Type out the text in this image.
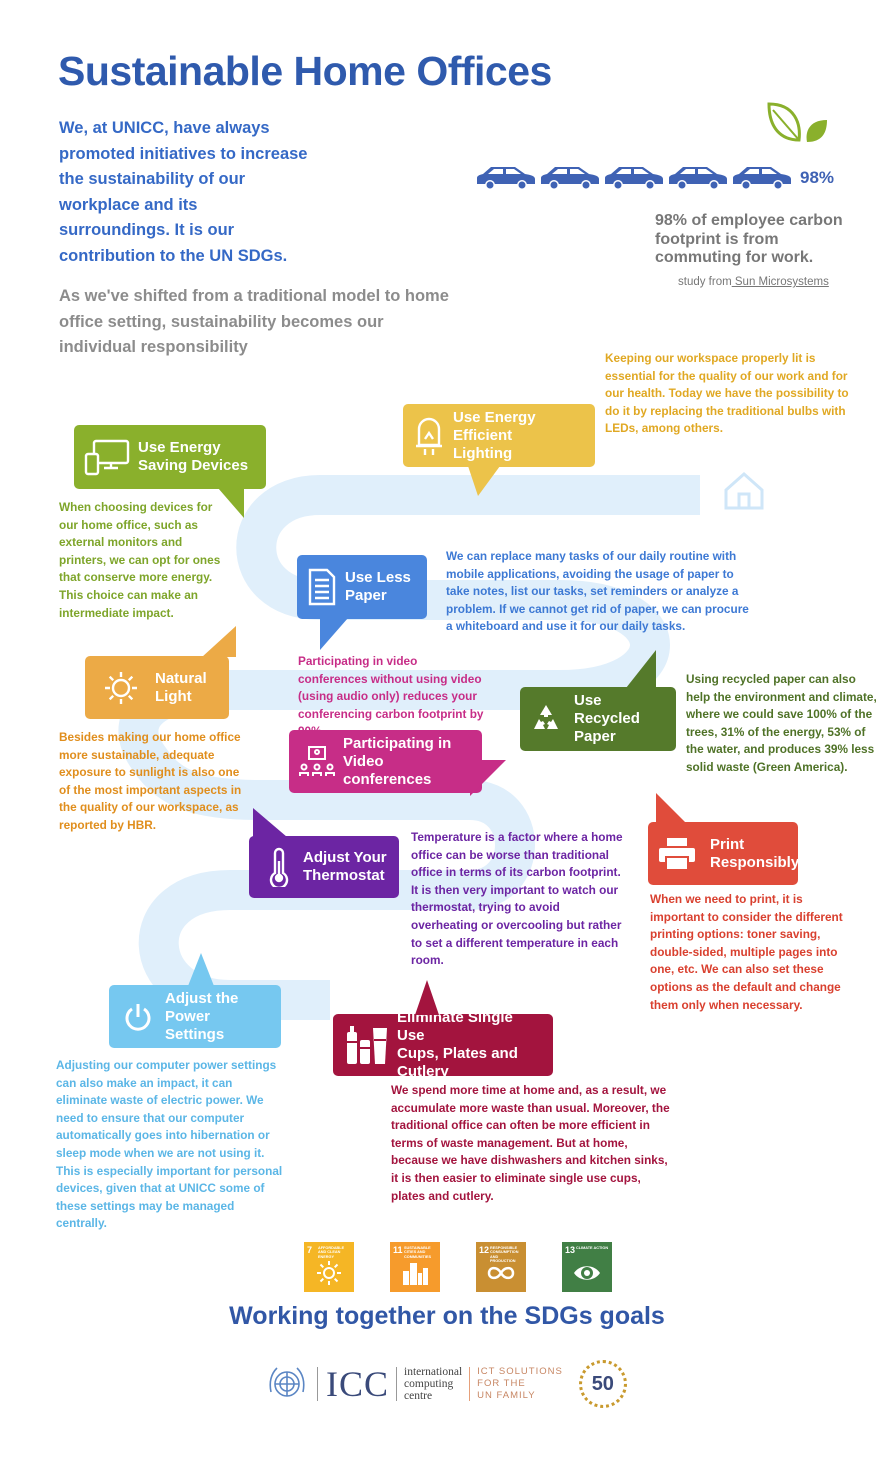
Sustainable Home Offices
We, at UNICC, have always promoted initiatives to increase the sustainability of our workplace and its surroundings. It is our contribution to the UN SDGs.
As we've shifted from a traditional model to home office setting, sustainability becomes our individual responsibility
98%
98% of employee carbon footprint is from commuting for work.
study from Sun Microsystems
Use Energy
Saving Devices
When choosing devices for our home office, such as external monitors and printers, we can opt for ones that conserve more energy. This choice can make an intermediate impact.
Use Energy Efficient
Lighting
Keeping our workspace properly lit is essential for the quality of our work and for our health. Today we have the possibility to do it by replacing the traditional bulbs with LEDs, among others.
Use Less
Paper
We can replace many tasks of our daily routine with mobile applications, avoiding the usage of paper to take notes, list our tasks, set reminders or analyze a problem. If we cannot get rid of paper, we can procure a whiteboard and use it for our daily tasks.
Natural
Light
Besides making our home office more sustainable, adequate exposure to sunlight is also one of the most important aspects in the quality of our workspace, as reported by HBR.
Participating in video conferences without using video (using audio only) reduces your conferencing carbon footprint by
Use Recycled
Paper
Using recycled paper can also help the environment and climate, where we could save 100% of the trees, 31% of the energy, 53% of the water, and produces 39% less solid waste (Green America).
Participating in
Video conferences
Adjust Your
Thermostat
Temperature is a factor where a home office can be worse than traditional office in terms of its carbon footprint. It is then very important to watch our thermostat, trying to avoid overheating or overcooling but rather to set a different temperature in each room.
Print
Responsibly
When we need to print, it is important to consider the different printing options: toner saving, double-sided, multiple pages into one, etc. We can also set these options as the default and change them only when necessary.
Adjust the
Power Settings
Adjusting our computer power settings can also make an impact, it can eliminate waste of electric power. We need to ensure that our computer automatically goes into hibernation or sleep mode when we are not using it. This is especially important for personal devices, given that at UNICC some of these settings may be managed centrally.
Eliminate Single Use
Cups, Plates and Cutlery
We spend more time at home and, as a result, we accumulate more waste than usual. Moreover, the traditional office can often be more efficient in terms of waste management. But at home, because we have dishwashers and kitchen sinks, it is then easier to eliminate single use cups, plates and cutlery.
7 AFFORDABLE AND CLEAN ENERGY
11 SUSTAINABLE CITIES AND COMMUNITIES
12 RESPONSIBLE CONSUMPTION AND PRODUCTION
13 CLIMATE ACTION
Working together on the SDGs goals
ICC international
computing
centre
ICT SOLUTIONS
FOR THE
UN FAMILY
50
